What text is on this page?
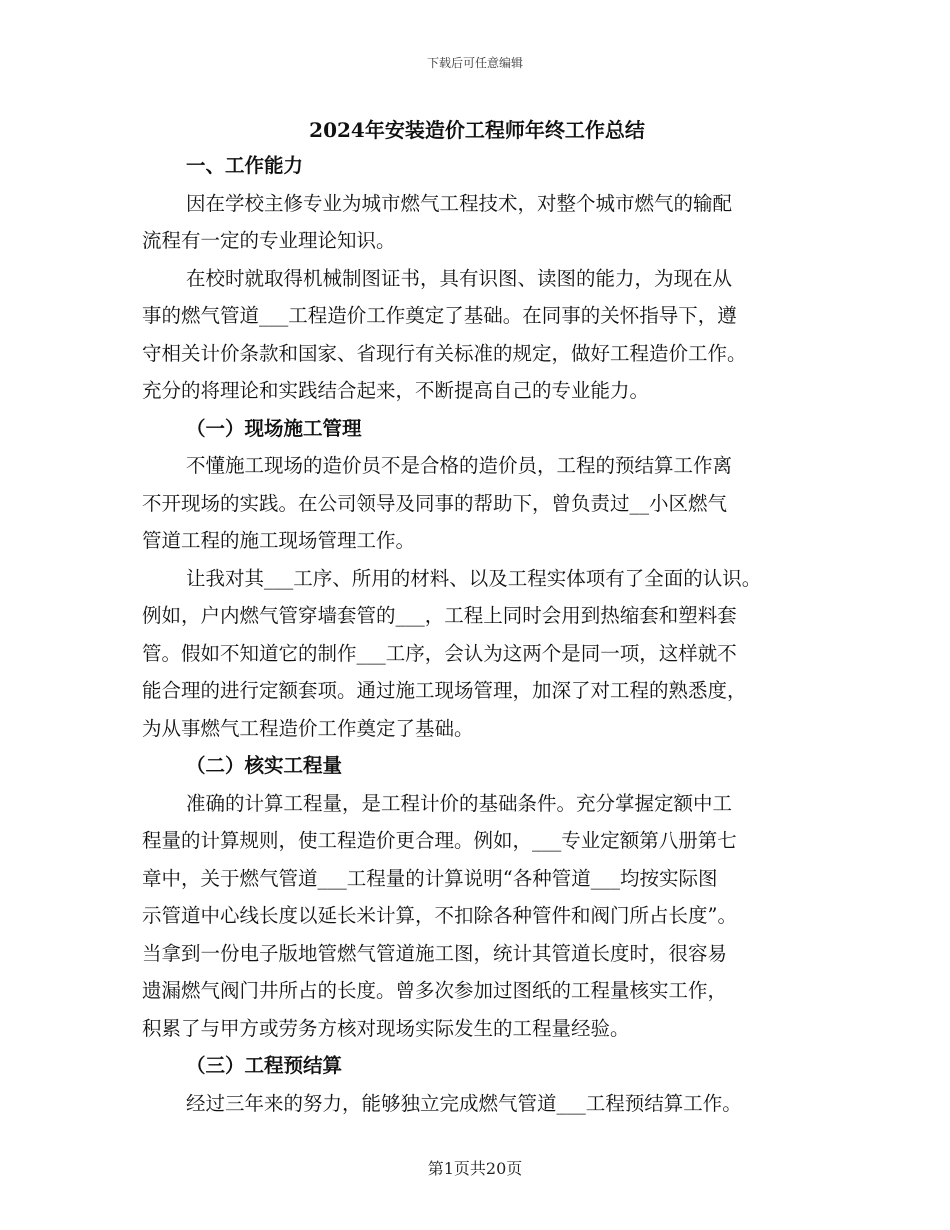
下载后可任意编辑
2024年安装造价工程师年终工作总结
一、工作能力

因在学校主修专业为城市燃气工程技术，对整个城市燃气的输配
流程有一定的专业理论知识。

在校时就取得机械制图证书，具有识图、读图的能力，为现在从
事的燃气管道___工程造价工作奠定了基础。在同事的关怀指导下，遵
守相关计价条款和国家、省现行有关标准的规定，做好工程造价工作。
充分的将理论和实践结合起来，不断提高自己的专业能力。

（一）现场施工管理

不懂施工现场的造价员不是合格的造价员，工程的预结算工作离
不开现场的实践。在公司领导及同事的帮助下，曾负责过__小区燃气
管道工程的施工现场管理工作。

让我对其___工序、所用的材料、以及工程实体项有了全面的认识。
例如，户内燃气管穿墙套管的___，工程上同时会用到热缩套和塑料套
管。假如不知道它的制作___工序，会认为这两个是同一项，这样就不
能合理的进行定额套项。通过施工现场管理，加深了对工程的熟悉度，
为从事燃气工程造价工作奠定了基础。

（二）核实工程量

准确的计算工程量，是工程计价的基础条件。充分掌握定额中工
程量的计算规则，使工程造价更合理。例如，___专业定额第八册第七
章中，关于燃气管道___工程量的计算说明“各种管道___均按实际图
示管道中心线长度以延长米计算，不扣除各种管件和阀门所占长度”。
当拿到一份电子版地管燃气管道施工图，统计其管道长度时，很容易
遗漏燃气阀门井所占的长度。曾多次参加过图纸的工程量核实工作，
积累了与甲方或劳务方核对现场实际发生的工程量经验。

（三）工程预结算

经过三年来的努力，能够独立完成燃气管道___工程预结算工作。

第1页共20页
